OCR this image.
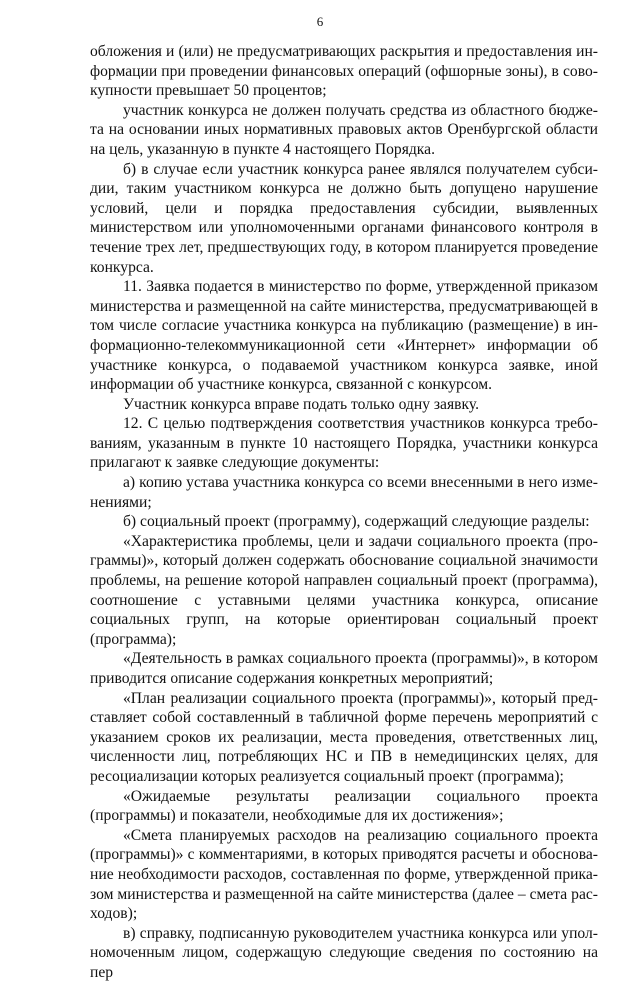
6

обложения и (или) не предусматривающих раскрытия и предоставления информации при проведении финансовых операций (офшорные зоны), в совокупности превышает 50 процентов;

участник конкурса не должен получать средства из областного бюджета на основании иных нормативных правовых актов Оренбургской области на цель, указанную в пункте 4 настоящего Порядка.

б) в случае если участник конкурса ранее являлся получателем субсидии, таким участником конкурса не должно быть допущено нарушение условий, цели и порядка предоставления субсидии, выявленных министерством или уполномоченными органами финансового контроля в течение трех лет, предшествующих году, в котором планируется проведение конкурса.

11. Заявка подается в министерство по форме, утвержденной приказом министерства и размещенной на сайте министерства, предусматривающей в том числе согласие участника конкурса на публикацию (размещение) в информационно-телекоммуникационной сети «Интернет» информации об участнике конкурса, о подаваемой участником конкурса заявке, иной информации об участнике конкурса, связанной с конкурсом.

Участник конкурса вправе подать только одну заявку.

12. С целью подтверждения соответствия участников конкурса требованиям, указанным в пункте 10 настоящего Порядка, участники конкурса прилагают к заявке следующие документы:

а) копию устава участника конкурса со всеми внесенными в него изменениями;

б) социальный проект (программу), содержащий следующие разделы:

«Характеристика проблемы, цели и задачи социального проекта (программы)», который должен содержать обоснование социальной значимости проблемы, на решение которой направлен социальный проект (программа), соотношение с уставными целями участника конкурса, описание социальных групп, на которые ориентирован социальный проект (программа);

«Деятельность в рамках социального проекта (программы)», в котором приводится описание содержания конкретных мероприятий;

«План реализации социального проекта (программы)», который представляет собой составленный в табличной форме перечень мероприятий с указанием сроков их реализации, места проведения, ответственных лиц, численности лиц, потребляющих НС и ПВ в немедицинских целях, для ресоциализации которых реализуется социальный проект (программа);

«Ожидаемые результаты реализации социального проекта (программы) и показатели, необходимые для их достижения»;

«Смета планируемых расходов на реализацию социального проекта (программы)» с комментариями, в которых приводятся расчеты и обоснование необходимости расходов, составленная по форме, утвержденной приказом министерства и размещенной на сайте министерства (далее – смета расходов);

в) справку, подписанную руководителем участника конкурса или уполномоченным лицом, содержащую следующие сведения по состоянию на пер
